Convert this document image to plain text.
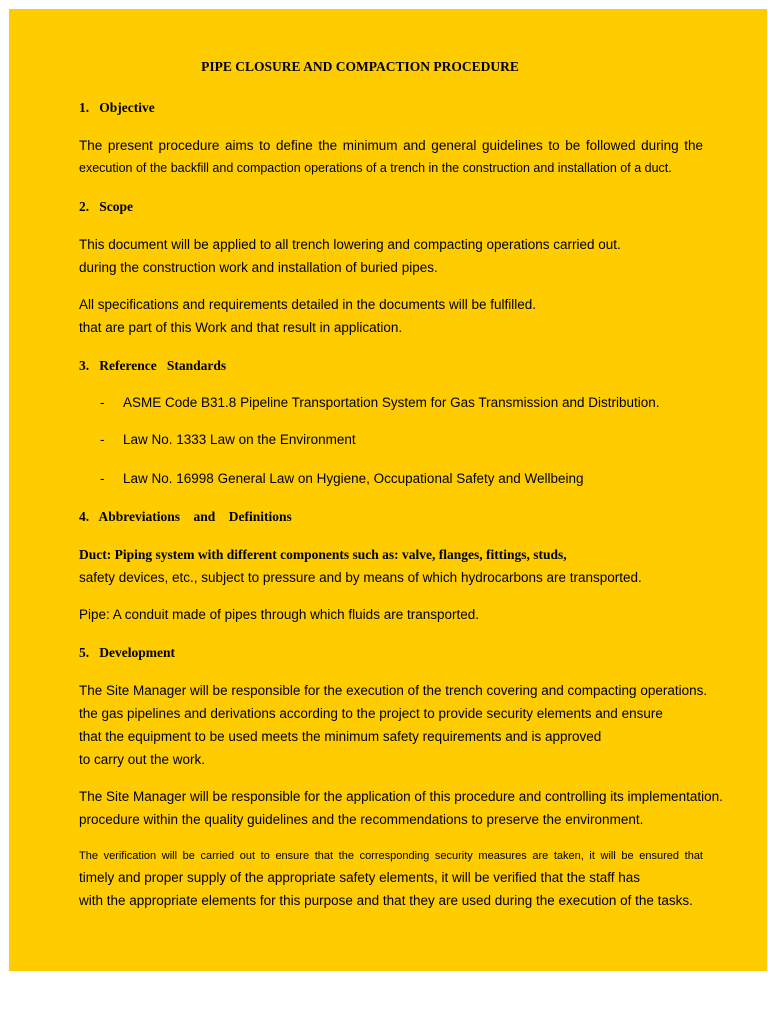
PIPE CLOSURE AND COMPACTION PROCEDURE
1.   Objective
The present procedure aims to define the minimum and general guidelines to be followed during the
execution of the backfill and compaction operations of a trench in the construction and installation of a duct.
2.   Scope
This document will be applied to all trench lowering and compacting operations carried out.
during the construction work and installation of buried pipes.
All specifications and requirements detailed in the documents will be fulfilled.
that are part of this Work and that result in application.
3.   Reference   Standards
- ASME Code B31.8 Pipeline Transportation System for Gas Transmission and Distribution.
- Law No. 1333 Law on the Environment
- Law No. 16998 General Law on Hygiene, Occupational Safety and Wellbeing
4.   Abbreviations    and    Definitions
Duct: Piping system with different components such as: valve, flanges, fittings, studs,
safety devices, etc., subject to pressure and by means of which hydrocarbons are transported.
Pipe: A conduit made of pipes through which fluids are transported.
5.   Development
The Site Manager will be responsible for the execution of the trench covering and compacting operations.
the gas pipelines and derivations according to the project to provide security elements and ensure
that the equipment to be used meets the minimum safety requirements and is approved
to carry out the work.
The Site Manager will be responsible for the application of this procedure and controlling its implementation.
procedure within the quality guidelines and the recommendations to preserve the environment.
The verification will be carried out to ensure that the corresponding security measures are taken, it will be ensured that
timely and proper supply of the appropriate safety elements, it will be verified that the staff has
with the appropriate elements for this purpose and that they are used during the execution of the tasks.
